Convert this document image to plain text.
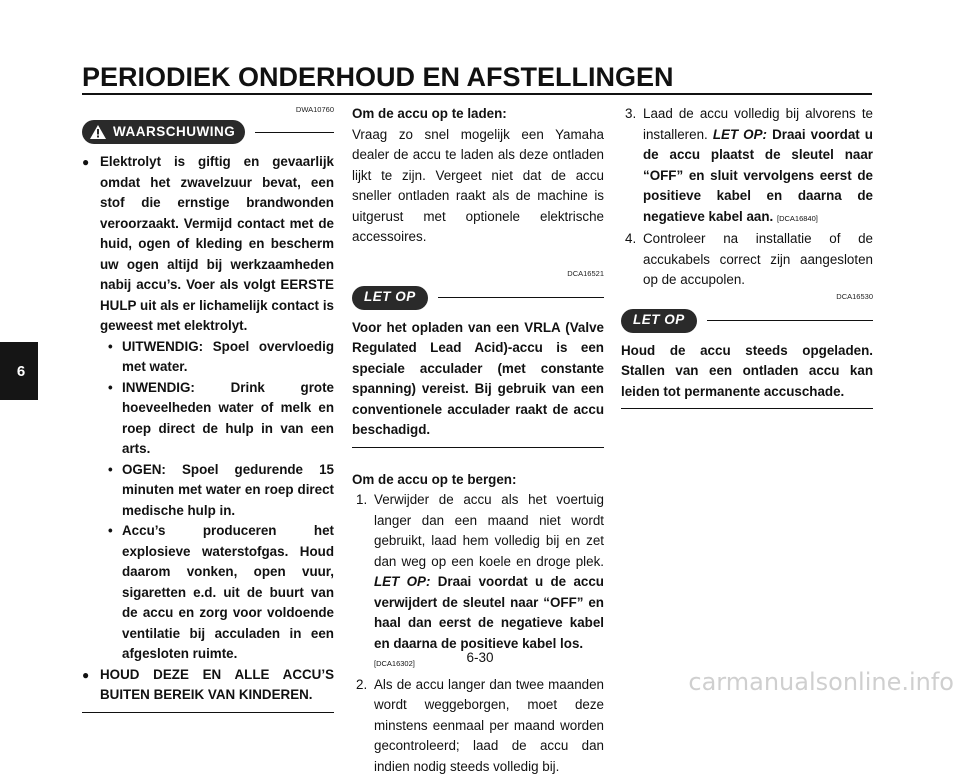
PERIODIEK ONDERHOUD EN AFSTELLINGEN
6
DWA10760
WAARSCHUWING
● Elektrolyt is giftig en gevaarlijk omdat het zwavelzuur bevat, een stof die ernstige brandwonden veroorzaakt. Vermijd contact met de huid, ogen of kleding en bescherm uw ogen altijd bij werkzaamheden nabij accu’s. Voer als volgt EERSTE HULP uit als er lichamelijk contact is geweest met elektrolyt.
• UITWENDIG: Spoel overvloedig met water.
• INWENDIG: Drink grote hoeveelheden water of melk en roep direct de hulp in van een arts.
• OGEN: Spoel gedurende 15 minuten met water en roep direct medische hulp in.
• Accu’s produceren het explosieve waterstofgas. Houd daarom vonken, open vuur, sigaretten e.d. uit de buurt van de accu en zorg voor voldoende ventilatie bij acculaden in een afgesloten ruimte.
● HOUD DEZE EN ALLE ACCU’S BUITEN BEREIK VAN KINDEREN.
Om de accu op te laden:
Vraag zo snel mogelijk een Yamaha dealer de accu te laden als deze ontladen lijkt te zijn. Vergeet niet dat de accu sneller ontladen raakt als de machine is uitgerust met optionele elektrische accessoires.
DCA16521
LET OP
Voor het opladen van een VRLA (Valve Regulated Lead Acid)-accu is een speciale acculader (met constante spanning) vereist. Bij gebruik van een conventionele acculader raakt de accu beschadigd.
Om de accu op te bergen:
1. Verwijder de accu als het voertuig langer dan een maand niet wordt gebruikt, laad hem volledig bij en zet dan weg op een koele en droge plek. LET OP: Draai voordat u de accu verwijdert de sleutel naar “OFF” en haal dan eerst de negatieve kabel en daarna de positieve kabel los.
[DCA16302]
2. Als de accu langer dan twee maanden wordt weggeborgen, moet deze minstens eenmaal per maand worden gecontroleerd; laad de accu dan indien nodig steeds volledig bij.
3. Laad de accu volledig bij alvorens te installeren. LET OP: Draai voordat u de accu plaatst de sleutel naar “OFF” en sluit vervolgens eerst de positieve kabel en daarna de negatieve kabel aan. [DCA16840]
4. Controleer na installatie of de accukabels correct zijn aangesloten op de accupolen.
DCA16530
LET OP
Houd de accu steeds opgeladen. Stallen van een ontladen accu kan leiden tot permanente accuschade.
6-30
carmanualsonline.info
